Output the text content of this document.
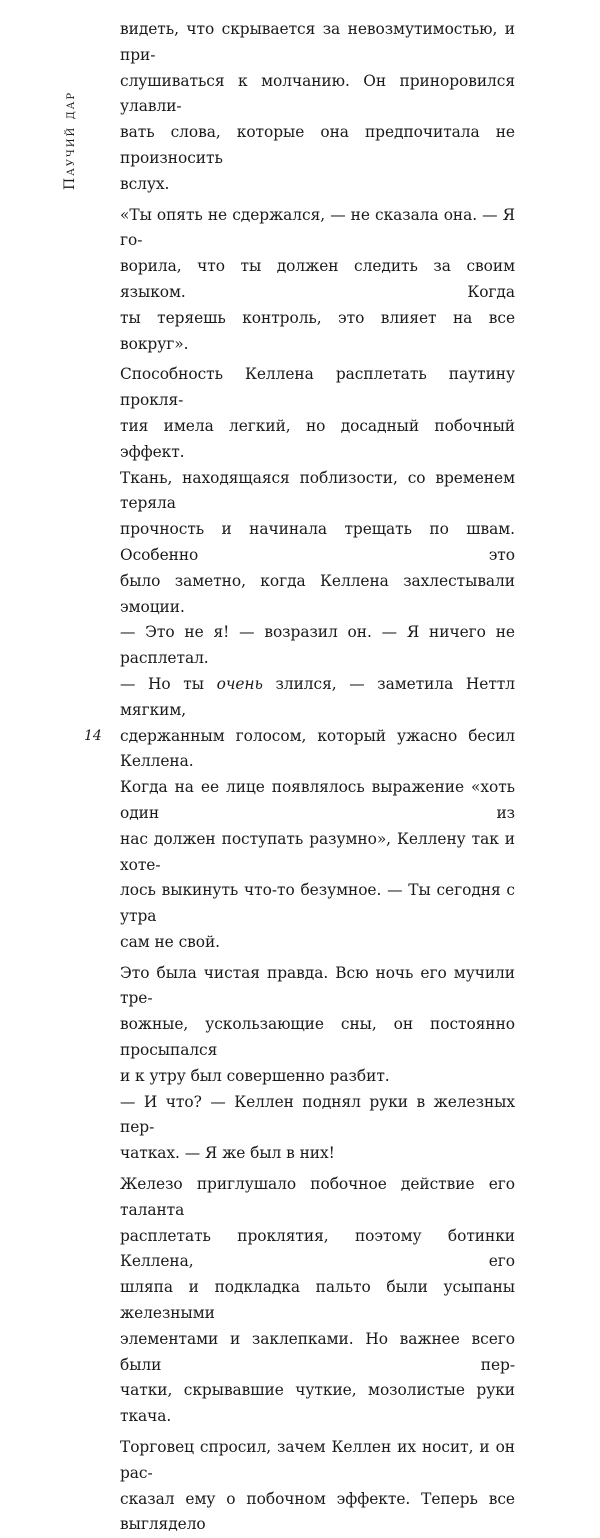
Паучий дар

видеть, что скрывается за невозмутимостью, и при-

слушиваться к молчанию. Он приноровился улавли-

вать слова, которые она предпочитала не произносить

вслух.

«Ты опять не сдержался, — не сказала она. — Я го-

ворила, что ты должен следить за своим языком. Когда

ты теряешь контроль, это влияет на все вокруг».

Способность Келлена расплетать паутину прокля-

тия имела легкий, но досадный побочный эффект.

Ткань, находящаяся поблизости, со временем теряла

прочность и начинала трещать по швам. Особенно это

было заметно, когда Келлена захлестывали эмоции.

— Это не я! — возразил он. — Я ничего не расплетал.

— Но ты очень злился, — заметила Неттл мягким,

сдержанным голосом, который ужасно бесил Келлена.

Когда на ее лице появлялось выражение «хоть один из

нас должен поступать разумно», Келлену так и хоте-

лось выкинуть что-то безумное. — Ты сегодня с утра

сам не свой.

Это была чистая правда. Всю ночь его мучили тре-

вожные, ускользающие сны, он постоянно просыпался

и к утру был совершенно разбит.

— И что? — Келлен поднял руки в железных пер-

чатках. — Я же был в них!

Железо приглушало побочное действие его таланта

расплетать проклятия, поэтому ботинки Келлена, его

шляпа и подкладка пальто были усыпаны железными

элементами и заклепками. Но важнее всего были пер-

чатки, скрывавшие чуткие, мозолистые руки ткача.

Торговец спросил, зачем Келлен их носит, и он рас-

сказал ему о побочном эффекте. Теперь все выглядело

14
